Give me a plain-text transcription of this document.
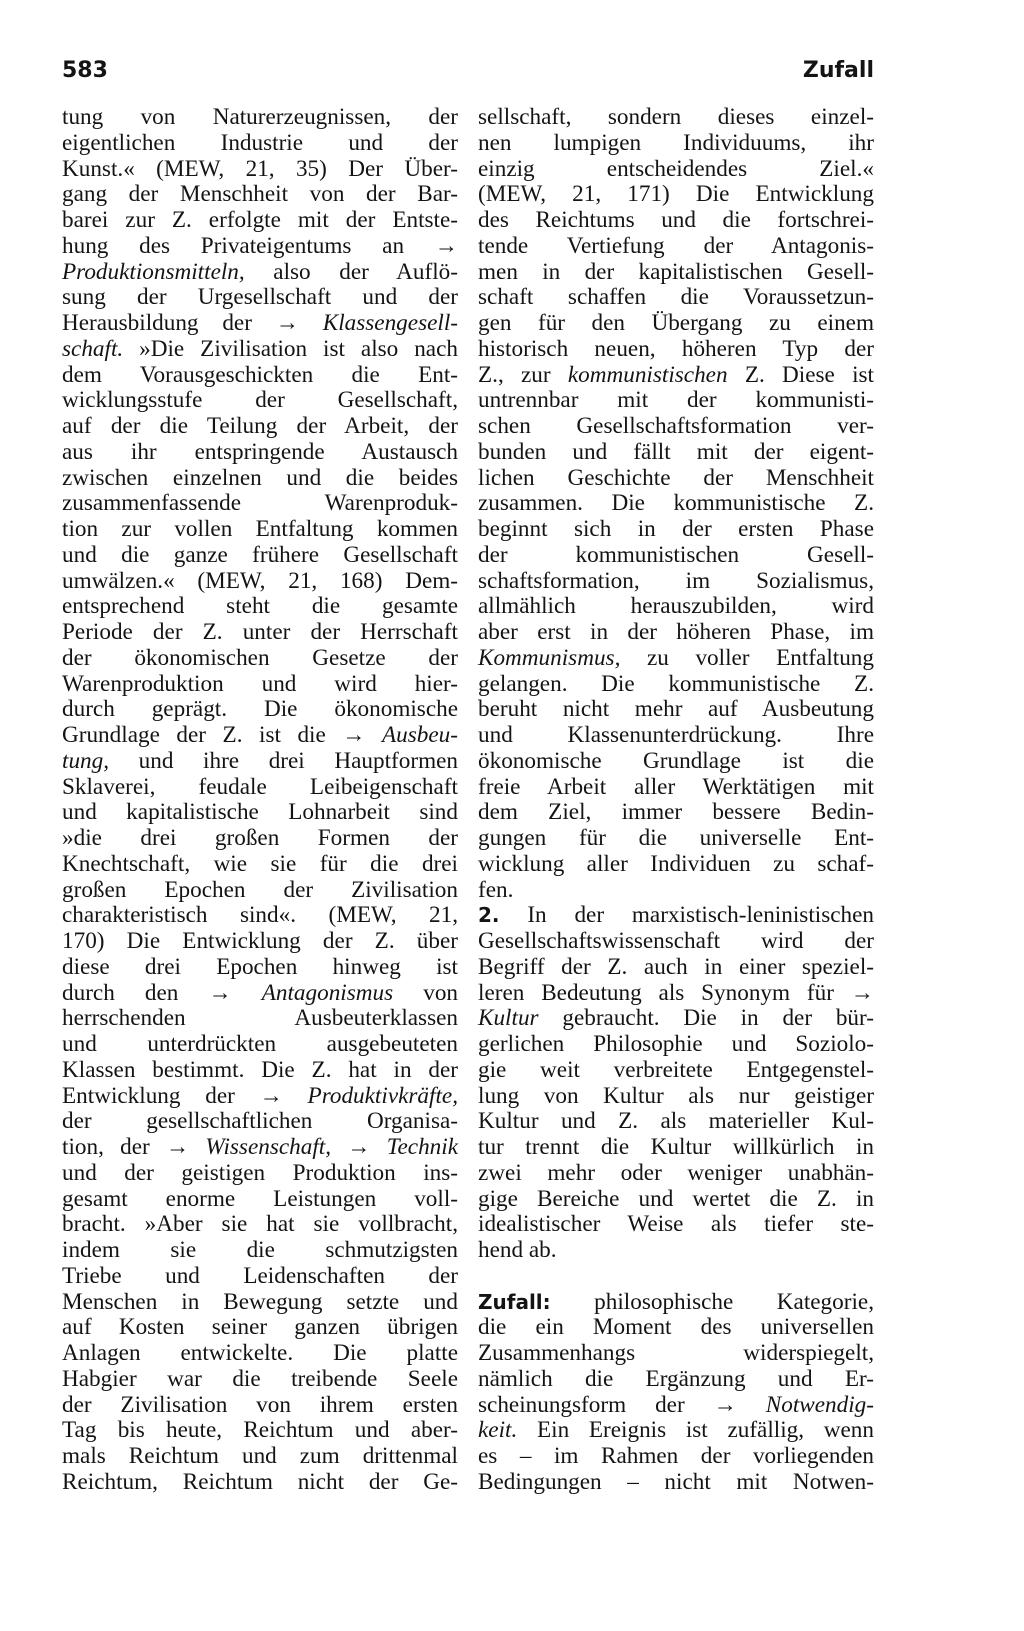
583	Zufall
tung von Naturerzeugnissen, der
eigentlichen Industrie und der
Kunst.« (MEW, 21, 35) Der Über-
gang der Menschheit von der Bar-
barei zur Z. erfolgte mit der Entste-
hung des Privateigentums an →
Produktionsmitteln, also der Auflö-
sung der Urgesellschaft und der
Herausbildung der → Klassengesell-
schaft. »Die Zivilisation ist also nach
dem Vorausgeschickten die Ent-
wicklungsstufe der Gesellschaft,
auf der die Teilung der Arbeit, der
aus ihr entspringende Austausch
zwischen einzelnen und die beides
zusammenfassende Warenproduk-
tion zur vollen Entfaltung kommen
und die ganze frühere Gesellschaft
umwälzen.« (MEW, 21, 168) Dem-
entsprechend steht die gesamte
Periode der Z. unter der Herrschaft
der ökonomischen Gesetze der
Warenproduktion und wird hier-
durch geprägt. Die ökonomische
Grundlage der Z. ist die → Ausbeu-
tung, und ihre drei Hauptformen
Sklaverei, feudale Leibeigenschaft
und kapitalistische Lohnarbeit sind
»die drei großen Formen der
Knechtschaft, wie sie für die drei
großen Epochen der Zivilisation
charakteristisch sind«. (MEW, 21,
170) Die Entwicklung der Z. über
diese drei Epochen hinweg ist
durch den → Antagonismus von
herrschenden Ausbeuterklassen
und unterdrückten ausgebeuteten
Klassen bestimmt. Die Z. hat in der
Entwicklung der → Produktivkräfte,
der gesellschaftlichen Organisa-
tion, der → Wissenschaft, → Technik
und der geistigen Produktion ins-
gesamt enorme Leistungen voll-
bracht. »Aber sie hat sie vollbracht,
indem sie die schmutzigsten
Triebe und Leidenschaften der
Menschen in Bewegung setzte und
auf Kosten seiner ganzen übrigen
Anlagen entwickelte. Die platte
Habgier war die treibende Seele
der Zivilisation von ihrem ersten
Tag bis heute, Reichtum und aber-
mals Reichtum und zum drittenmal
Reichtum, Reichtum nicht der Ge-
sellschaft, sondern dieses einzel-
nen lumpigen Individuums, ihr
einzig entscheidendes Ziel.«
(MEW, 21, 171) Die Entwicklung
des Reichtums und die fortschrei-
tende Vertiefung der Antagonis-
men in der kapitalistischen Gesell-
schaft schaffen die Voraussetzun-
gen für den Übergang zu einem
historisch neuen, höheren Typ der
Z., zur kommunistischen Z. Diese ist
untrennbar mit der kommunisti-
schen Gesellschaftsformation ver-
bunden und fällt mit der eigent-
lichen Geschichte der Menschheit
zusammen. Die kommunistische Z.
beginnt sich in der ersten Phase
der kommunistischen Gesell-
schaftsformation, im Sozialismus,
allmählich herauszubilden, wird
aber erst in der höheren Phase, im
Kommunismus, zu voller Entfaltung
gelangen. Die kommunistische Z.
beruht nicht mehr auf Ausbeutung
und Klassenunterdrückung. Ihre
ökonomische Grundlage ist die
freie Arbeit aller Werktätigen mit
dem Ziel, immer bessere Bedin-
gungen für die universelle Ent-
wicklung aller Individuen zu schaf-
fen.
2. In der marxistisch-leninistischen
Gesellschaftswissenschaft wird der
Begriff der Z. auch in einer speziel-
leren Bedeutung als Synonym für →
Kultur gebraucht. Die in der bür-
gerlichen Philosophie und Soziolo-
gie weit verbreitete Entgegenstel-
lung von Kultur als nur geistiger
Kultur und Z. als materieller Kul-
tur trennt die Kultur willkürlich in
zwei mehr oder weniger unabhän-
gige Bereiche und wertet die Z. in
idealistischer Weise als tiefer ste-
hend ab.
Zufall: philosophische Kategorie,
die ein Moment des universellen
Zusammenhangs widerspiegelt,
nämlich die Ergänzung und Er-
scheinungsform der → Notwendig-
keit. Ein Ereignis ist zufällig, wenn
es – im Rahmen der vorliegenden
Bedingungen – nicht mit Notwen-
